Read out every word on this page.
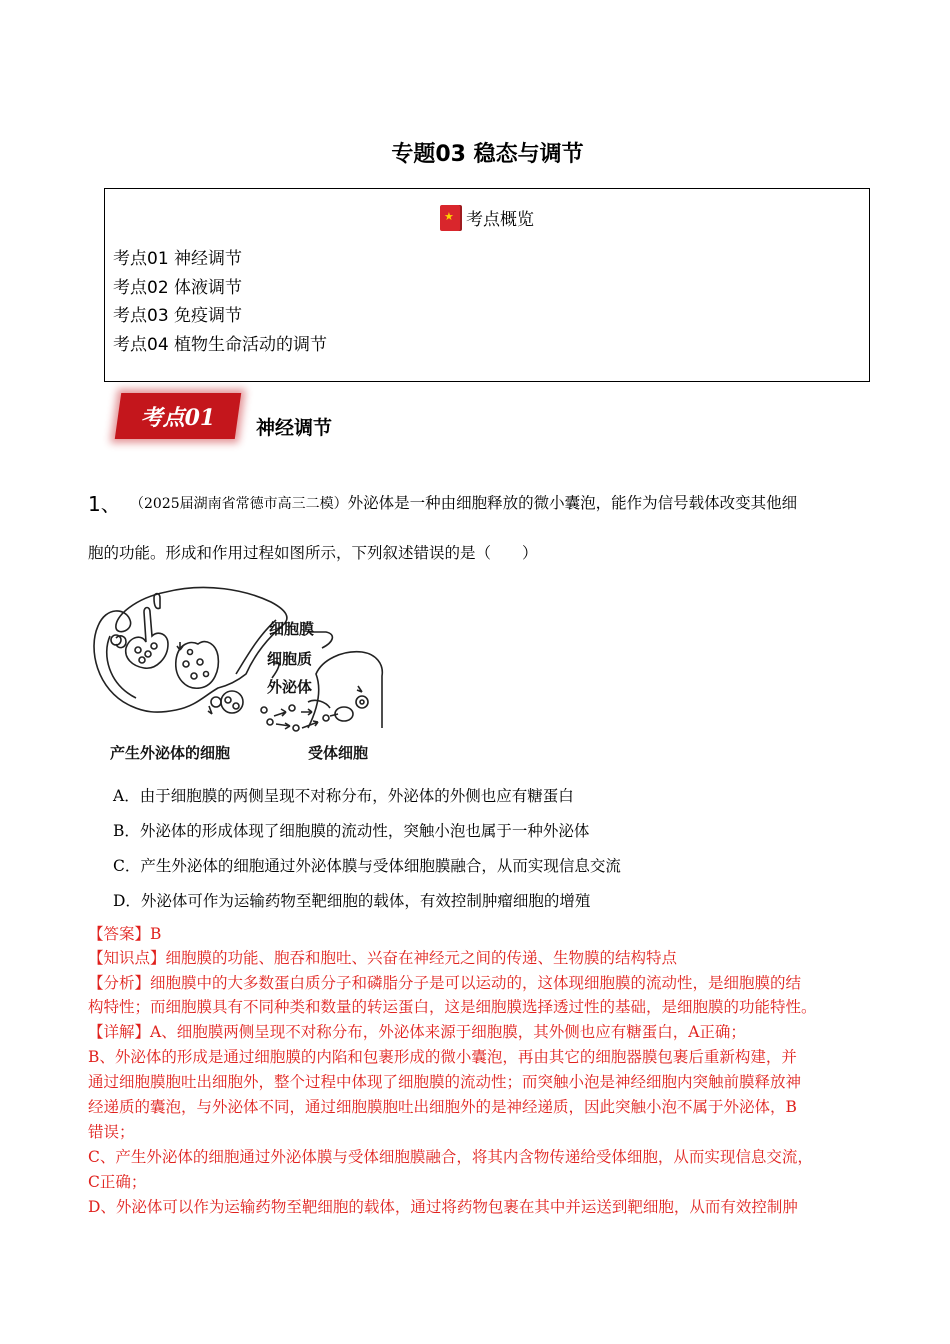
专题03 稳态与调节
★考点概览
考点01 神经调节
考点02 体液调节
考点03 免疫调节
考点04 植物生命活动的调节
考点01	神经调节
1、 （2025届湖南省常德市高三二模）外泌体是一种由细胞释放的微小囊泡，能作为信号载体改变其他细
胞的功能。形成和作用过程如图所示，下列叙述错误的是（　　）
细胞膜
细胞质
外泌体
产生外泌体的细胞	受体细胞
A．由于细胞膜的两侧呈现不对称分布，外泌体的外侧也应有糖蛋白
B．外泌体的形成体现了细胞膜的流动性，突触小泡也属于一种外泌体
C．产生外泌体的细胞通过外泌体膜与受体细胞膜融合，从而实现信息交流
D．外泌体可作为运输药物至靶细胞的载体，有效控制肿瘤细胞的增殖
【答案】B
【知识点】细胞膜的功能、胞吞和胞吐、兴奋在神经元之间的传递、生物膜的结构特点
【分析】细胞膜中的大多数蛋白质分子和磷脂分子是可以运动的，这体现细胞膜的流动性，是细胞膜的结
构特性；而细胞膜具有不同种类和数量的转运蛋白，这是细胞膜选择透过性的基础，是细胞膜的功能特性。
【详解】A、细胞膜两侧呈现不对称分布，外泌体来源于细胞膜，其外侧也应有糖蛋白，A正确；
B、外泌体的形成是通过细胞膜的内陷和包裹形成的微小囊泡，再由其它的细胞器膜包裹后重新构建，并
通过细胞膜胞吐出细胞外，整个过程中体现了细胞膜的流动性；而突触小泡是神经细胞内突触前膜释放神
经递质的囊泡，与外泌体不同，通过细胞膜胞吐出细胞外的是神经递质，因此突触小泡不属于外泌体，B
错误；
C、产生外泌体的细胞通过外泌体膜与受体细胞膜融合，将其内含物传递给受体细胞，从而实现信息交流，
C正确；
D、外泌体可以作为运输药物至靶细胞的载体，通过将药物包裹在其中并运送到靶细胞，从而有效控制肿
